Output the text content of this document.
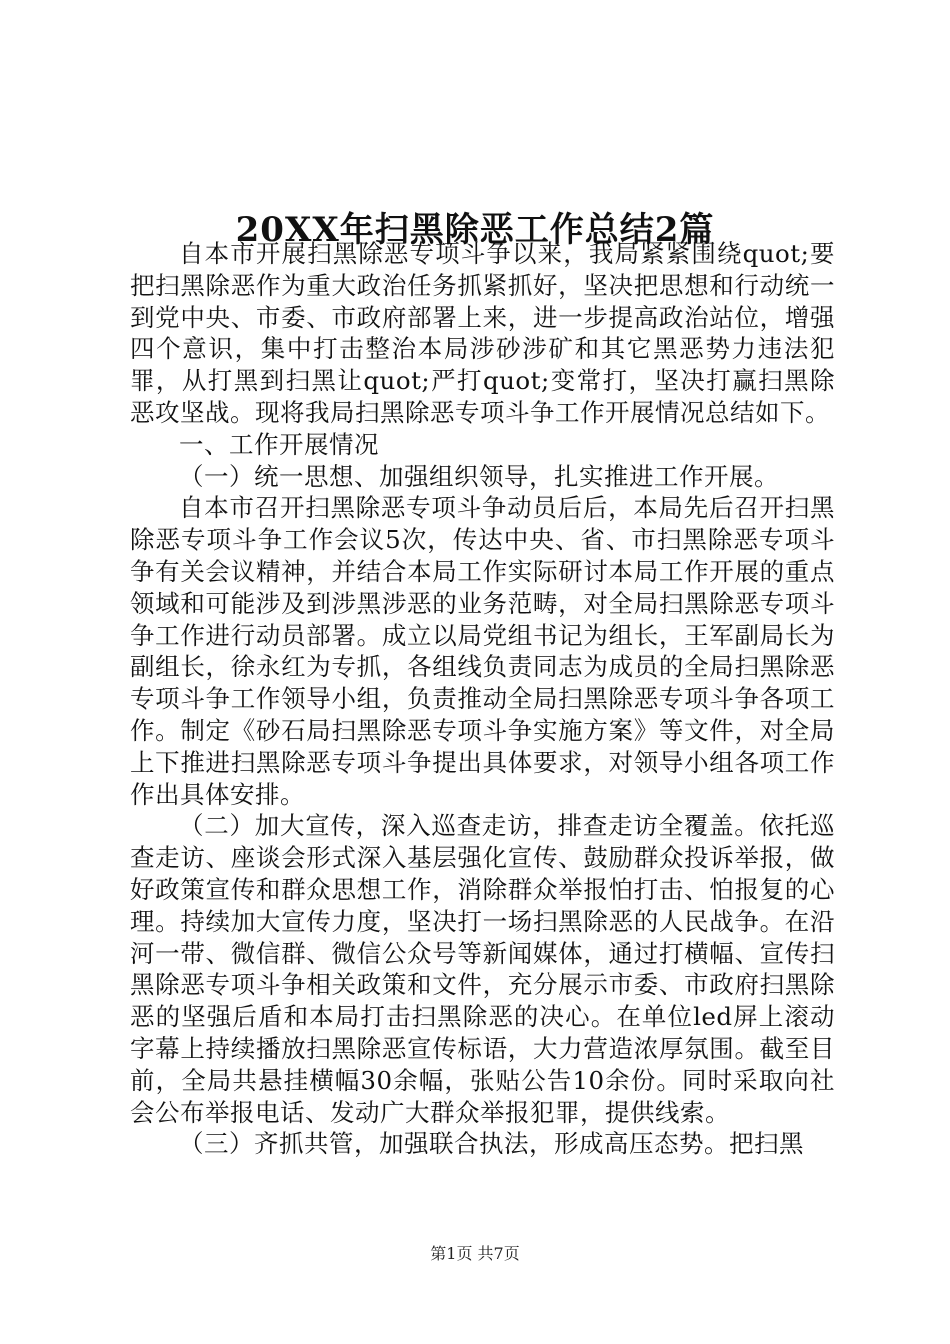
20XX年扫黑除恶工作总结2篇

自本市开展扫黑除恶专项斗争以来，我局紧紧围绕quot;要把扫黑除恶作为重大政治任务抓紧抓好，坚决把思想和行动统一到党中央、市委、市政府部署上来，进一步提高政治站位，增强四个意识，集中打击整治本局涉砂涉矿和其它黑恶势力违法犯罪，从打黑到扫黑让quot;严打quot;变常打，坚决打赢扫黑除恶攻坚战。现将我局扫黑除恶专项斗争工作开展情况总结如下。

一、工作开展情况

（一）统一思想、加强组织领导，扎实推进工作开展。

自本市召开扫黑除恶专项斗争动员后后，本局先后召开扫黑除恶专项斗争工作会议5次，传达中央、省、市扫黑除恶专项斗争有关会议精神，并结合本局工作实际研讨本局工作开展的重点领域和可能涉及到涉黑涉恶的业务范畴，对全局扫黑除恶专项斗争工作进行动员部署。成立以局党组书记为组长，王军副局长为副组长，徐永红为专抓，各组线负责同志为成员的全局扫黑除恶专项斗争工作领导小组，负责推动全局扫黑除恶专项斗争各项工作。制定《砂石局扫黑除恶专项斗争实施方案》等文件，对全局上下推进扫黑除恶专项斗争提出具体要求，对领导小组各项工作作出具体安排。

（二）加大宣传，深入巡查走访，排查走访全覆盖。依托巡查走访、座谈会形式深入基层强化宣传、鼓励群众投诉举报，做好政策宣传和群众思想工作，消除群众举报怕打击、怕报复的心理。持续加大宣传力度，坚决打一场扫黑除恶的人民战争。在沿河一带、微信群、微信公众号等新闻媒体，通过打横幅、宣传扫黑除恶专项斗争相关政策和文件，充分展示市委、市政府扫黑除恶的坚强后盾和本局打击扫黑除恶的决心。在单位led屏上滚动字幕上持续播放扫黑除恶宣传标语，大力营造浓厚氛围。截至目前，全局共悬挂横幅30余幅，张贴公告10余份。同时采取向社会公布举报电话、发动广大群众举报犯罪，提供线索。

（三）齐抓共管，加强联合执法，形成高压态势。把扫黑

第1页 共7页
